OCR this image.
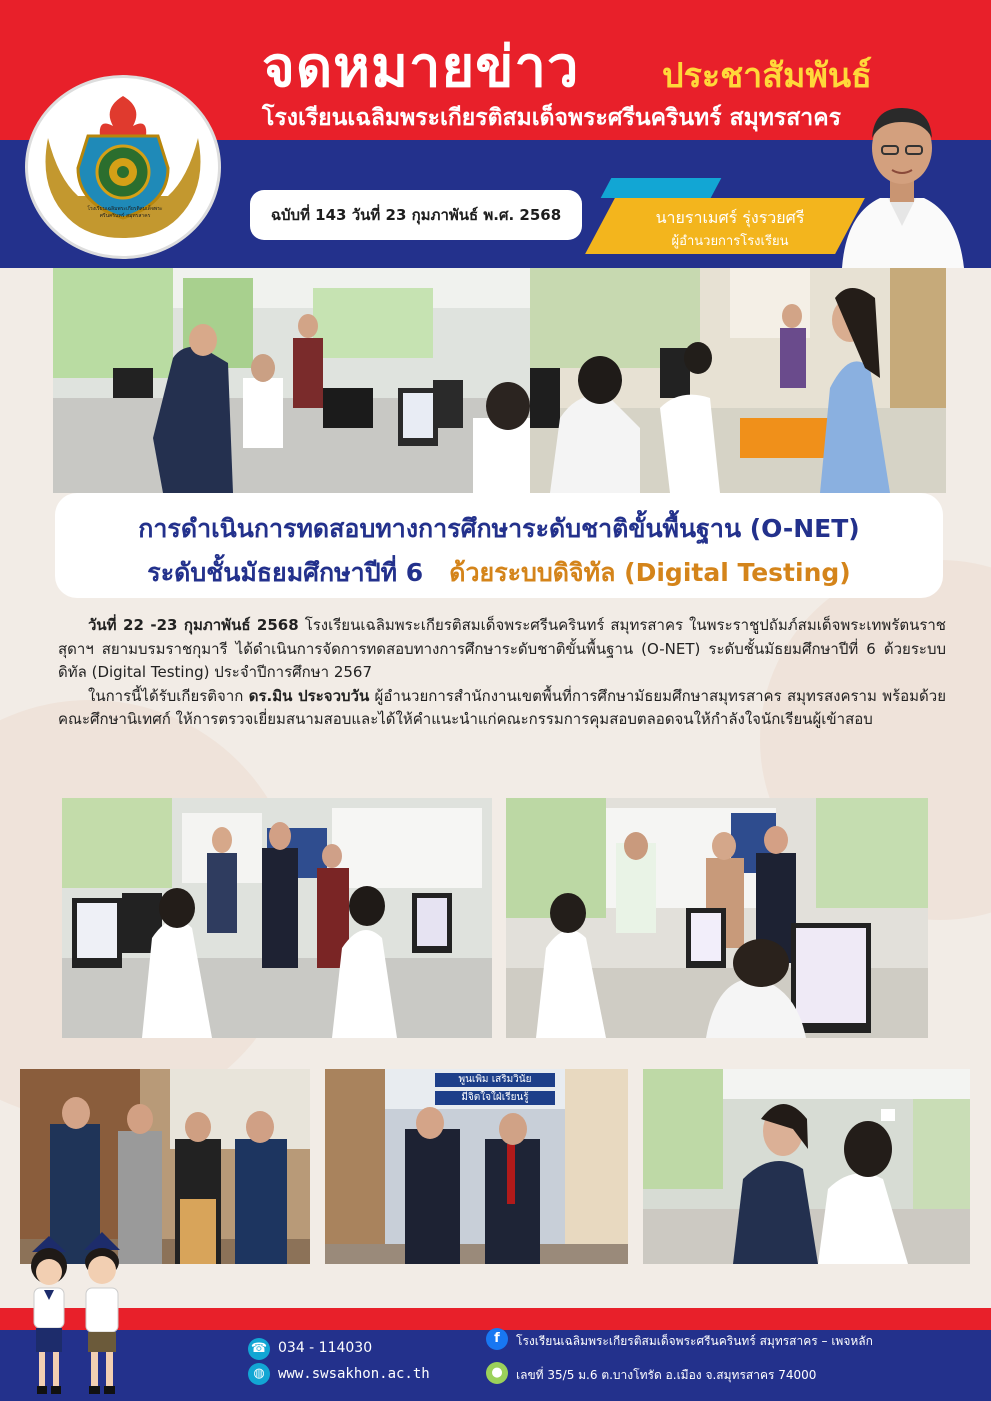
จดหมายข่าว ประชาสัมพันธ์
โรงเรียนเฉลิมพระเกียรติสมเด็จพระศรีนครินทร์ สมุทรสาคร
โรงเรียนเฉลิมพระเกียรติสมเด็จพระศรีนครินทร์ สมุทรสาคร	ฉบับที่ 143 วันที่ 23 กุมภาพันธ์ พ.ศ. 2568	นายราเมศร์ รุ่งรวยศรี
ผู้อำนวยการโรงเรียน
การดำเนินการทดสอบทางการศึกษาระดับชาติขั้นพื้นฐาน (O-NET)
ระดับชั้นมัธยมศึกษาปีที่ 6 ด้วยระบบดิจิทัล (Digital Testing)

วันที่ 22 -23 กุมภาพันธ์ 2568 โรงเรียนเฉลิมพระเกียรติสมเด็จพระศรีนครินทร์ สมุทรสาคร ในพระราชูปถัมภ์สมเด็จพระเทพรัตนราชสุดาฯ สยามบรมราชกุมารี ได้ดำเนินการจัดการทดสอบทางการศึกษาระดับชาติขั้นพื้นฐาน (O-NET) ระดับชั้นมัธยมศึกษาปีที่ 6 ด้วยระบบดิทัล (Digital Testing) ประจำปีการศึกษา 2567

ในการนี้ได้รับเกียรติจาก ดร.มิน ประจวบวัน ผู้อำนวยการสำนักงานเขตพื้นที่การศึกษามัธยมศึกษาสมุทรสาคร สมุทรสงคราม พร้อมด้วยคณะศึกษานิเทศก์ ให้การตรวจเยี่ยมสนามสอบและได้ให้คำแนะนำแก่คณะกรรมการคุมสอบตลอดจนให้กำลังใจนักเรียนผู้เข้าสอบ

พูนเพิ่ม เสริมวินัย
มีจิตใจใฝ่เรียนรู้
☎ 034 - 114030
◍ www.swsakhon.ac.th
f	โรงเรียนเฉลิมพระเกียรติสมเด็จพระศรีนครินทร์ สมุทรสาคร – เพจหลัก
●	เลขที่ 35/5 ม.6 ต.บางโทรัด อ.เมือง จ.สมุทรสาคร 74000
